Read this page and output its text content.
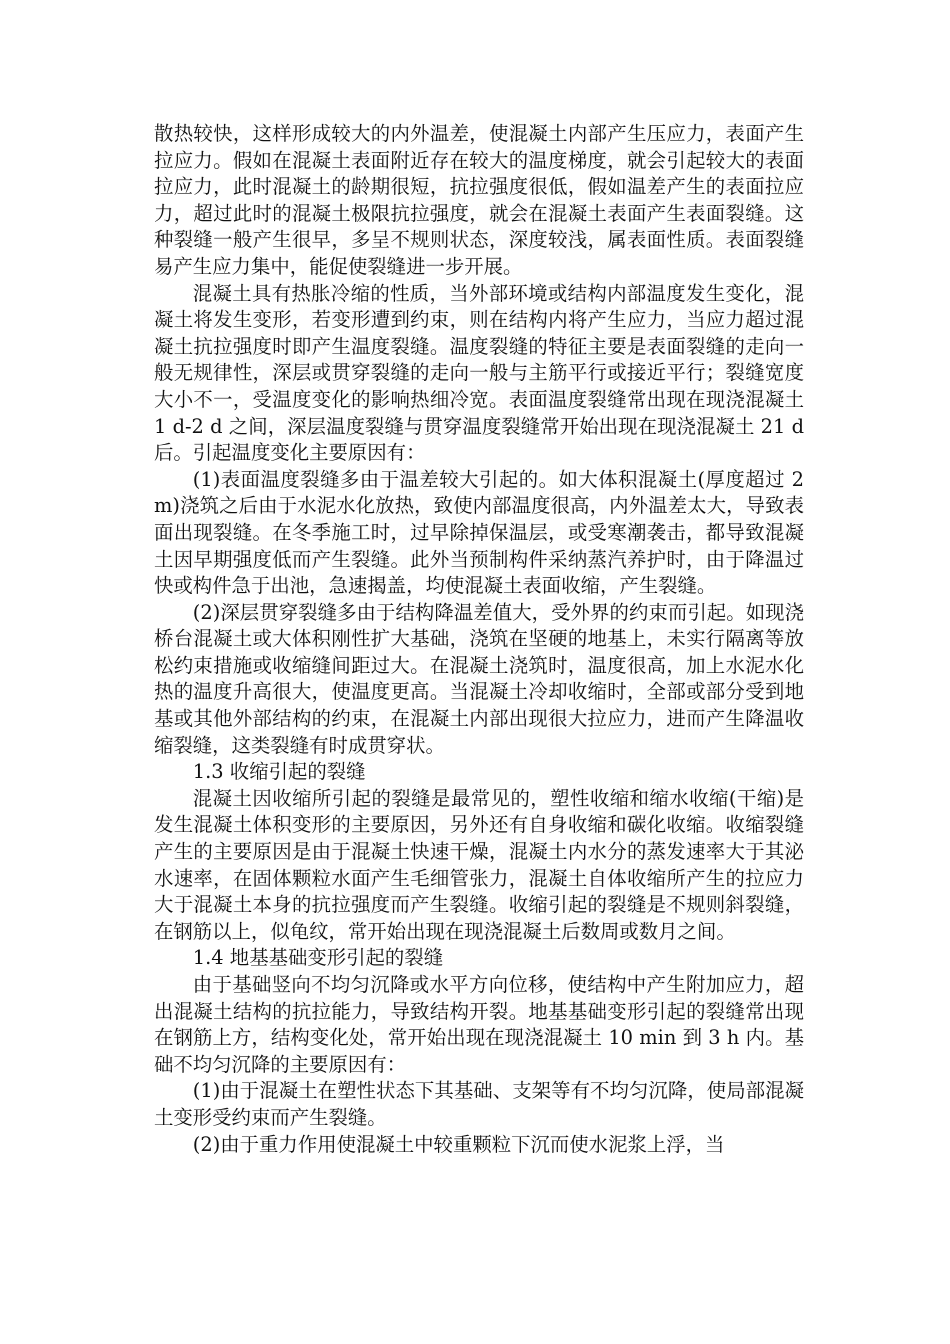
散热较快，这样形成较大的内外温差，使混凝土内部产生压应力，表面产生拉应力。假如在混凝土表面附近存在较大的温度梯度，就会引起较大的表面拉应力，此时混凝土的龄期很短，抗拉强度很低，假如温差产生的表面拉应力，超过此时的混凝土极限抗拉强度，就会在混凝土表面产生表面裂缝。这种裂缝一般产生很早，多呈不规则状态，深度较浅，属表面性质。表面裂缝易产生应力集中，能促使裂缝进一步开展。

混凝土具有热胀冷缩的性质，当外部环境或结构内部温度发生变化，混凝土将发生变形，若变形遭到约束，则在结构内将产生应力，当应力超过混凝土抗拉强度时即产生温度裂缝。温度裂缝的特征主要是表面裂缝的走向一般无规律性，深层或贯穿裂缝的走向一般与主筋平行或接近平行；裂缝宽度大小不一，受温度变化的影响热细冷宽。表面温度裂缝常出现在现浇混凝土 1 d-2 d 之间，深层温度裂缝与贯穿温度裂缝常开始出现在现浇混凝土 21 d 后。引起温度变化主要原因有：

(1)表面温度裂缝多由于温差较大引起的。如大体积混凝土(厚度超过 2 m)浇筑之后由于水泥水化放热，致使内部温度很高，内外温差太大，导致表面出现裂缝。在冬季施工时，过早除掉保温层，或受寒潮袭击，都导致混凝土因早期强度低而产生裂缝。此外当预制构件采纳蒸汽养护时，由于降温过快或构件急于出池，急速揭盖，均使混凝土表面收缩，产生裂缝。

(2)深层贯穿裂缝多由于结构降温差值大，受外界的约束而引起。如现浇桥台混凝土或大体积刚性扩大基础，浇筑在坚硬的地基上，未实行隔离等放松约束措施或收缩缝间距过大。在混凝土浇筑时，温度很高，加上水泥水化热的温度升高很大，使温度更高。当混凝土冷却收缩时，全部或部分受到地基或其他外部结构的约束，在混凝土内部出现很大拉应力，进而产生降温收缩裂缝，这类裂缝有时成贯穿状。

1.3 收缩引起的裂缝

混凝土因收缩所引起的裂缝是最常见的，塑性收缩和缩水收缩(干缩)是发生混凝土体积变形的主要原因，另外还有自身收缩和碳化收缩。收缩裂缝产生的主要原因是由于混凝土快速干燥，混凝土内水分的蒸发速率大于其泌水速率，在固体颗粒水面产生毛细管张力，混凝土自体收缩所产生的拉应力大于混凝土本身的抗拉强度而产生裂缝。收缩引起的裂缝是不规则斜裂缝，在钢筋以上，似龟纹，常开始出现在现浇混凝土后数周或数月之间。

1.4 地基基础变形引起的裂缝

由于基础竖向不均匀沉降或水平方向位移，使结构中产生附加应力，超出混凝土结构的抗拉能力，导致结构开裂。地基基础变形引起的裂缝常出现在钢筋上方，结构变化处，常开始出现在现浇混凝土 10 min 到 3 h 内。基础不均匀沉降的主要原因有：

(1)由于混凝土在塑性状态下其基础、支架等有不均匀沉降，使局部混凝土变形受约束而产生裂缝。

(2)由于重力作用使混凝土中较重颗粒下沉而使水泥浆上浮，当
